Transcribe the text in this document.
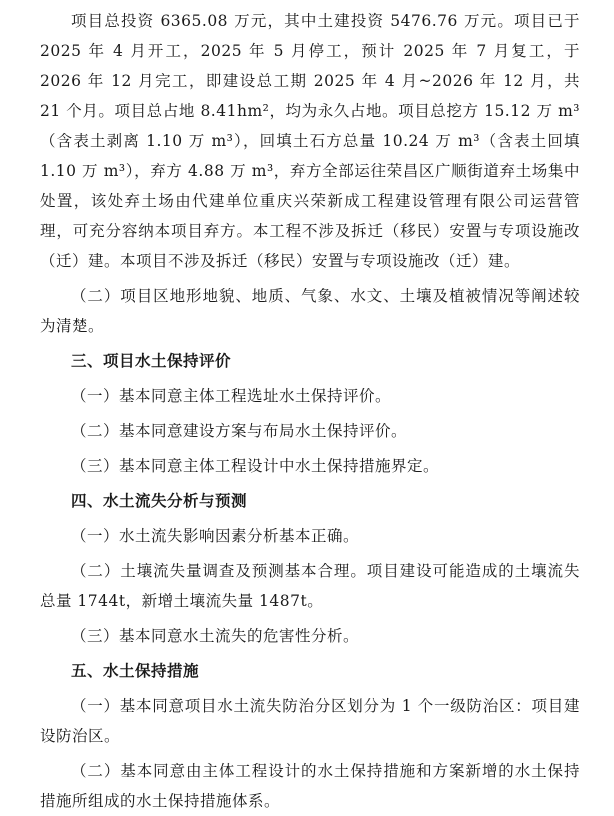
项目总投资 6365.08 万元，其中土建投资 5476.76 万元。项目已于 2025 年 4 月开工，2025 年 5 月停工，预计 2025 年 7 月复工，于 2026 年 12 月完工，即建设总工期 2025 年 4 月~2026 年 12 月，共 21 个月。项目总占地 8.41hm²，均为永久占地。项目总挖方 15.12 万 m³（含表土剥离 1.10 万 m³），回填土石方总量 10.24 万 m³（含表土回填 1.10 万 m³），弃方 4.88 万 m³，弃方全部运往荣昌区广顺街道弃土场集中处置，该处弃土场由代建单位重庆兴荣新成工程建设管理有限公司运营管理，可充分容纳本项目弃方。本工程不涉及拆迁（移民）安置与专项设施改（迁）建。本项目不涉及拆迁（移民）安置与专项设施改（迁）建。

（二）项目区地形地貌、地质、气象、水文、土壤及植被情况等阐述较为清楚。

三、项目水土保持评价

（一）基本同意主体工程选址水土保持评价。

（二）基本同意建设方案与布局水土保持评价。

（三）基本同意主体工程设计中水土保持措施界定。

四、水土流失分析与预测

（一）水土流失影响因素分析基本正确。

（二）土壤流失量调查及预测基本合理。项目建设可能造成的土壤流失总量 1744t，新增土壤流失量 1487t。

（三）基本同意水土流失的危害性分析。

五、水土保持措施

（一）基本同意项目水土流失防治分区划分为 1 个一级防治区：项目建设防治区。

（二）基本同意由主体工程设计的水土保持措施和方案新增的水土保持措施所组成的水土保持措施体系。
